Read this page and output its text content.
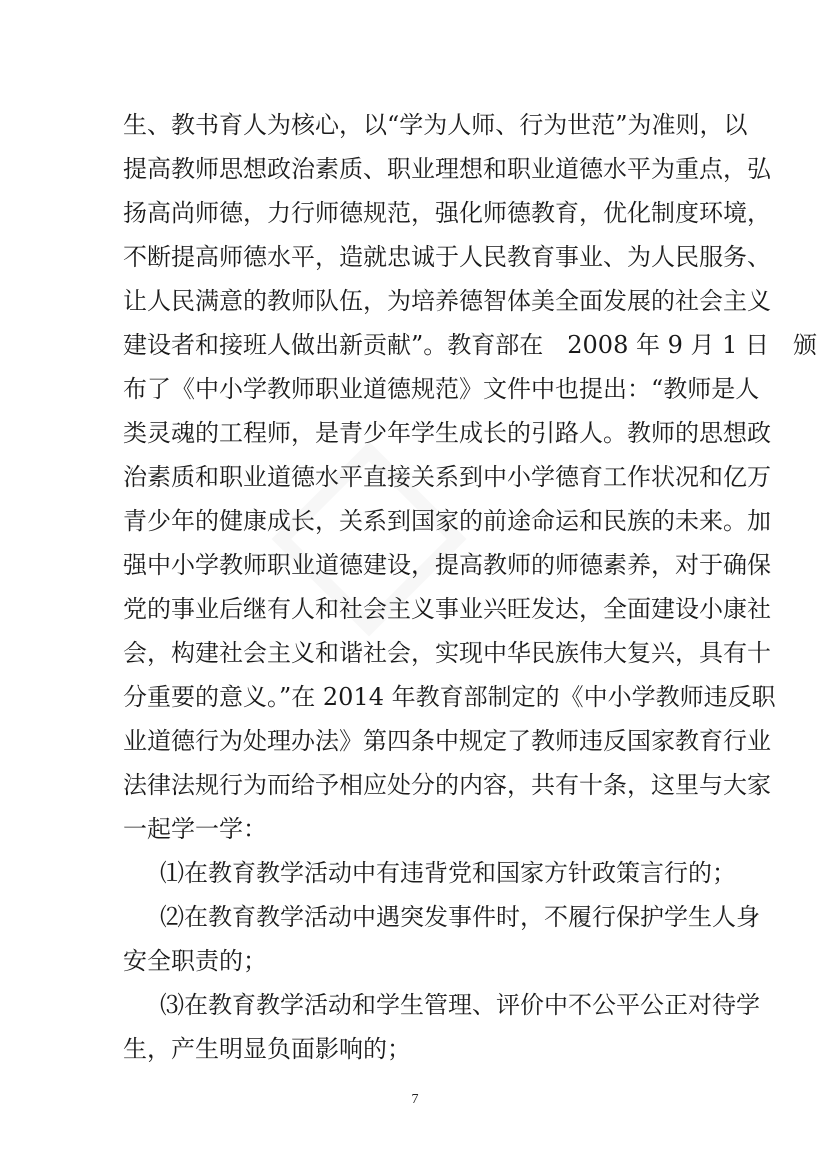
生、教书育人为核心，以“学为人师、行为世范”为准则，以
提高教师思想政治素质、职业理想和职业道德水平为重点，弘
扬高尚师德，力行师德规范，强化师德教育，优化制度环境，
不断提高师德水平，造就忠诚于人民教育事业、为人民服务、
让人民满意的教师队伍，为培养德智体美全面发展的社会主义
建设者和接班人做出新贡献”。教育部在　2008 年 9 月 1 日　颁
布了《中小学教师职业道德规范》文件中也提出：“教师是人
类灵魂的工程师，是青少年学生成长的引路人。教师的思想政
治素质和职业道德水平直接关系到中小学德育工作状况和亿万
青少年的健康成长，关系到国家的前途命运和民族的未来。加
强中小学教师职业道德建设，提高教师的师德素养，对于确保
党的事业后继有人和社会主义事业兴旺发达，全面建设小康社
会，构建社会主义和谐社会，实现中华民族伟大复兴，具有十
分重要的意义。”在 2014 年教育部制定的《中小学教师违反职
业道德行为处理办法》第四条中规定了教师违反国家教育行业
法律法规行为而给予相应处分的内容，共有十条，这里与大家
一起学一学：
⑴在教育教学活动中有违背党和国家方针政策言行的；
⑵在教育教学活动中遇突发事件时，不履行保护学生人身
安全职责的；
⑶在教育教学活动和学生管理、评价中不公平公正对待学
生，产生明显负面影响的；
7
